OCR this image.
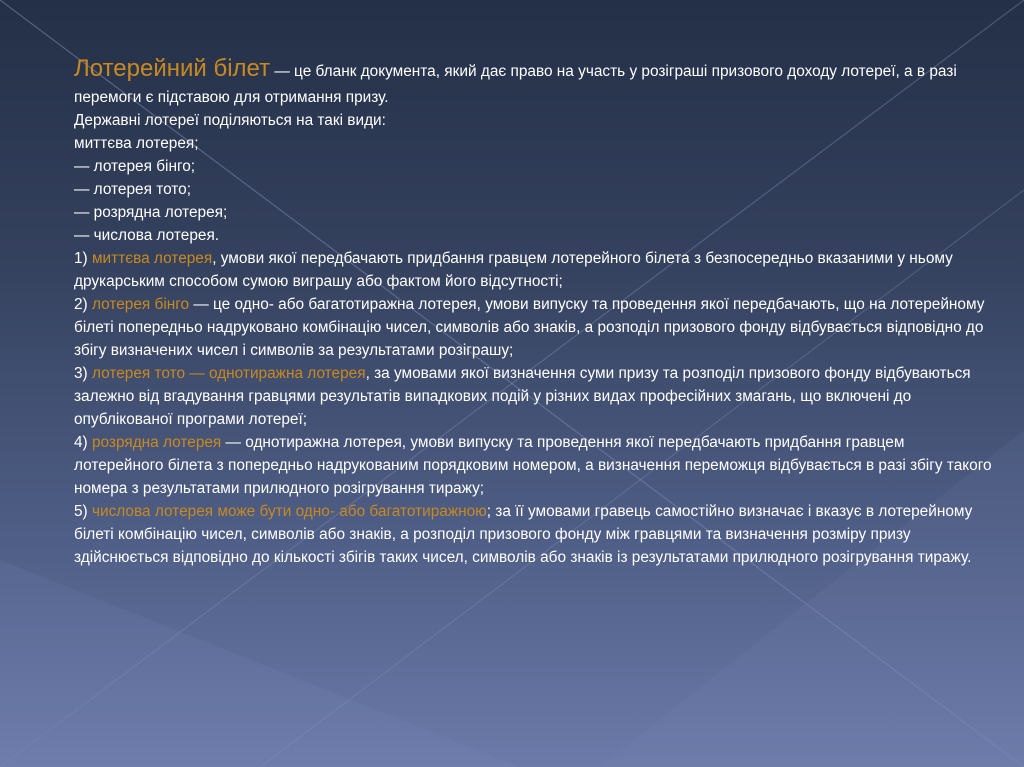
Лотерейний білет — це бланк документа, який дає право на участь у розіграші призового доходу лотереї, а в разі перемоги є підставою для отримання призу.

Державні лотереї поділяються на такі види:

миттєва лотерея;

— лотерея бінго;

— лотерея тото;

— розрядна лотерея;

— числова лотерея.

1) миттєва лотерея, умови якої передбачають придбання гравцем лотерейного білета з безпосередньо вказаними у ньому друкарським способом сумою виграшу або фактом його відсутності;

2) лотерея бінго — це одно- або багатотиражна лотерея, умови випуску та проведення якої передбачають, що на лотерейному білеті попередньо надруковано комбінацію чисел, символів або знаків, а розподіл призового фонду відбувається відповідно до збігу визначених чисел і символів за результатами розіграшу;

3) лотерея тото — однотиражна лотерея, за умовами якої визначення суми призу та розподіл призового фонду відбуваються залежно від вгадування гравцями результатів випадкових подій у різних видах професійних змагань, що включені до опублікованої програми лотереї;

4) розрядна лотерея — однотиражна лотерея, умови випуску та проведення якої передбачають придбання гравцем лотерейного білета з попередньо надрукованим порядковим номером, а визначення переможця відбувається в разі збігу такого номера з результатами прилюдного розігрування тиражу;

5) числова лотерея може бути одно- або багатотиражною; за її умовами гравець самостійно визначає і вказує в лотерейному білеті комбінацію чисел, символів або знаків, а розподіл призового фонду між гравцями та визначення розміру призу здійснюється відповідно до кількості збігів таких чисел, символів або знаків із результатами прилюдного розігрування тиражу.
